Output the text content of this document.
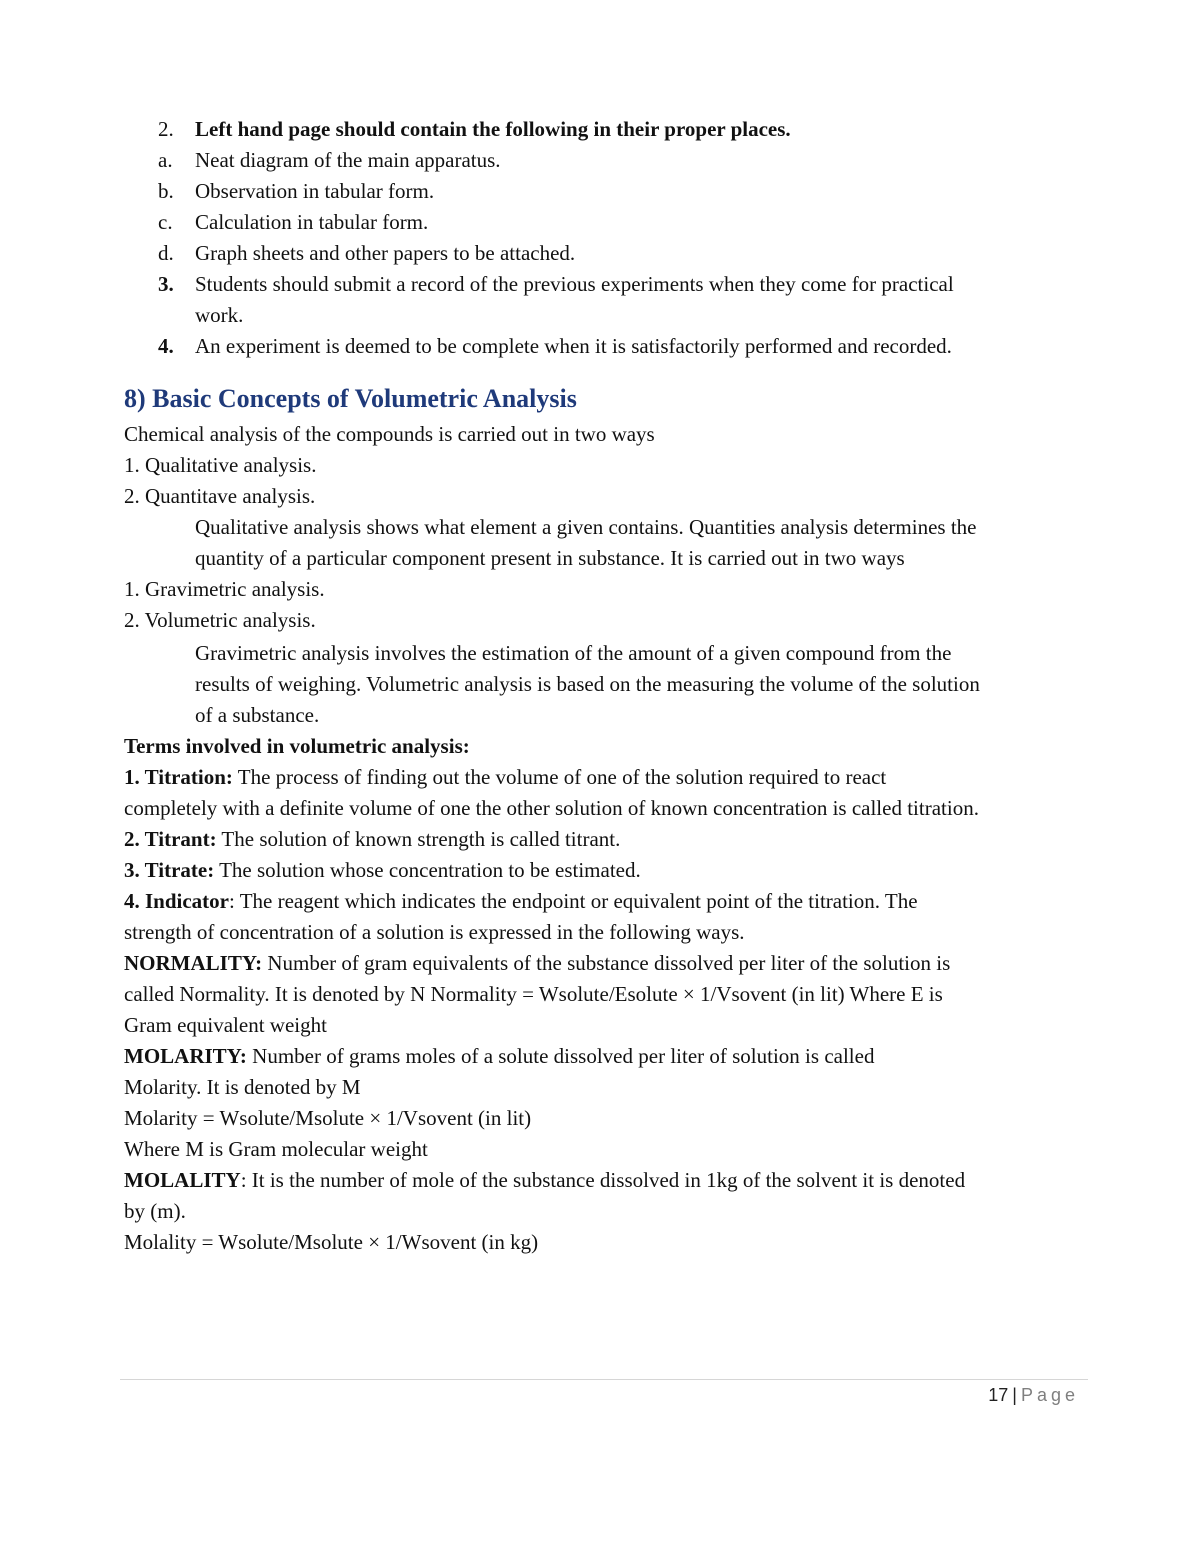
2. Left hand page should contain the following in their proper places.
a. Neat diagram of the main apparatus.
b. Observation in tabular form.
c. Calculation in tabular form.
d. Graph sheets and other papers to be attached.
3. Students should submit a record of the previous experiments when they come for practical
work.
4. An experiment is deemed to be complete when it is satisfactorily performed and recorded.
8) Basic Concepts of Volumetric Analysis
Chemical analysis of the compounds is carried out in two ways
1. Qualitative analysis.
2. Quantitave analysis.
Qualitative analysis shows what element a given contains. Quantities analysis determines the
quantity of a particular component present in substance. It is carried out in two ways
1. Gravimetric analysis.
2. Volumetric analysis.
Gravimetric analysis involves the estimation of the amount of a given compound from the
results of weighing. Volumetric analysis is based on the measuring the volume of the solution
of a substance.
Terms involved in volumetric analysis:
1. Titration: The process of finding out the volume of one of the solution required to react
completely with a definite volume of one the other solution of known concentration is called titration.
2. Titrant: The solution of known strength is called titrant.
3. Titrate: The solution whose concentration to be estimated.
4. Indicator: The reagent which indicates the endpoint or equivalent point of the titration. The
strength of concentration of a solution is expressed in the following ways.
NORMALITY: Number of gram equivalents of the substance dissolved per liter of the solution is
called Normality. It is denoted by N Normality = Wsolute/Esolute × 1/Vsovent (in lit) Where E is
Gram equivalent weight
MOLARITY: Number of grams moles of a solute dissolved per liter of solution is called
Molarity. It is denoted by M
Molarity = Wsolute/Msolute × 1/Vsovent (in lit)
Where M is Gram molecular weight
MOLALITY: It is the number of mole of the substance dissolved in 1kg of the solvent it is denoted
by (m).
Molality = Wsolute/Msolute × 1/Wsovent (in kg)
17 | Page
